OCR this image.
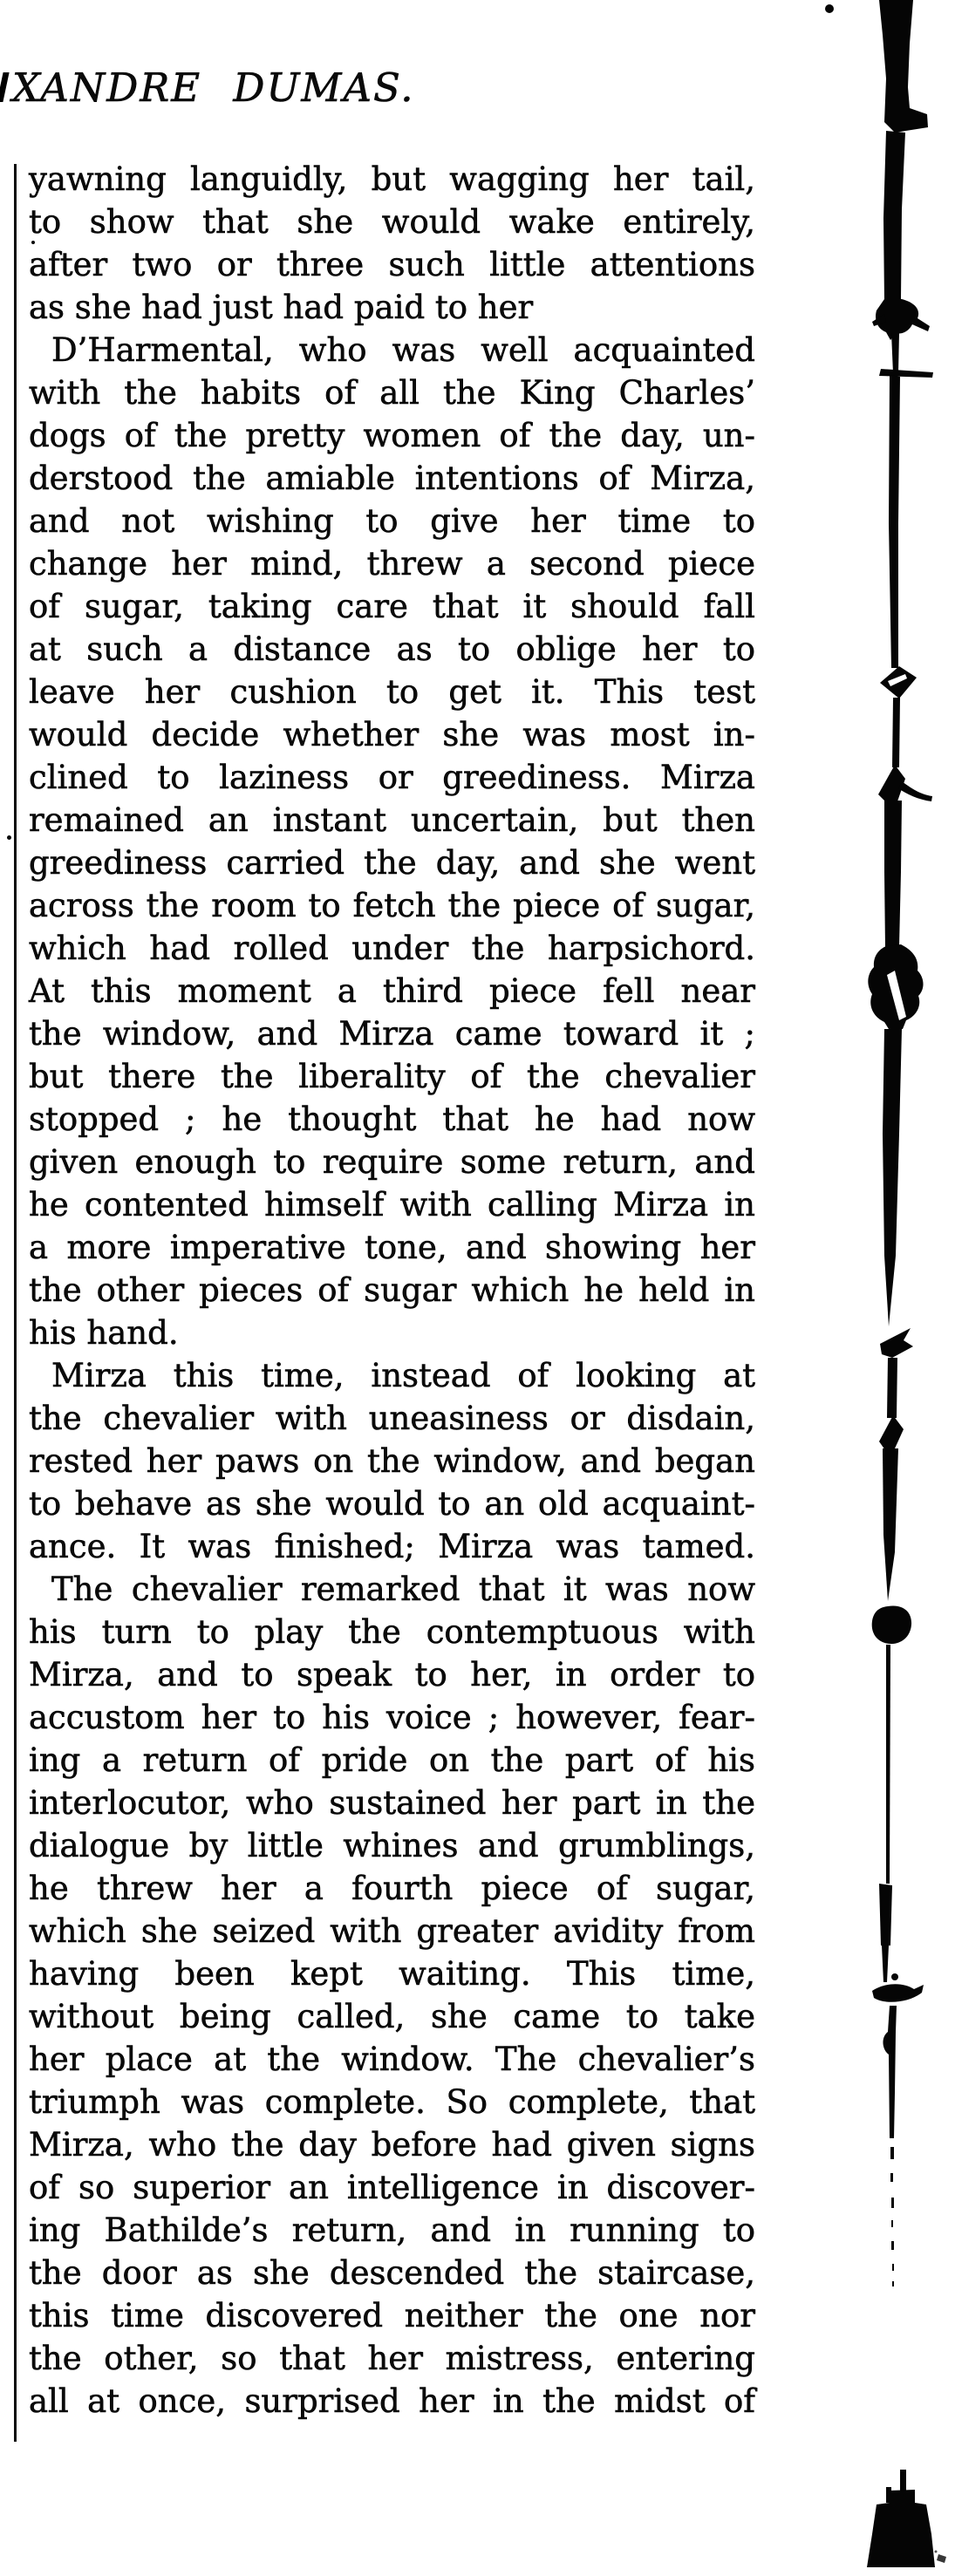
XANDRE DUMAS.
yawning languidly, but wagging her tail,
to show that she would wake entirely,
after two or three such little attentions
as she had just had paid to her
D’Harmental, who was well acquainted
with the habits of all the King Charles’
dogs of the pretty women of the day, un-
derstood the amiable intentions of Mirza,
and not wishing to give her time to
change her mind, threw a second piece
of sugar, taking care that it should fall
at such a distance as to oblige her to
leave her cushion to get it. This test
would decide whether she was most in-
clined to laziness or greediness. Mirza
remained an instant uncertain, but then
greediness carried the day, and she went
across the room to fetch the piece of sugar,
which had rolled under the harpsichord.
At this moment a third piece fell near
the window, and Mirza came toward it ;
but there the liberality of the chevalier
stopped ; he thought that he had now
given enough to require some return, and
he contented himself with calling Mirza in
a more imperative tone, and showing her
the other pieces of sugar which he held in
his hand.
Mirza this time, instead of looking at
the chevalier with uneasiness or disdain,
rested her paws on the window, and began
to behave as she would to an old acquaint-
ance. It was finished; Mirza was tamed.
The chevalier remarked that it was now
his turn to play the contemptuous with
Mirza, and to speak to her, in order to
accustom her to his voice ; however, fear-
ing a return of pride on the part of his
interlocutor, who sustained her part in the
dialogue by little whines and grumblings,
he threw her a fourth piece of sugar,
which she seized with greater avidity from
having been kept waiting. This time,
without being called, she came to take
her place at the window. The chevalier’s
triumph was complete. So complete, that
Mirza, who the day before had given signs
of so superior an intelligence in discover-
ing Bathilde’s return, and in running to
the door as she descended the staircase,
this time discovered neither the one nor
the other, so that her mistress, entering
all at once, surprised her in the midst of
